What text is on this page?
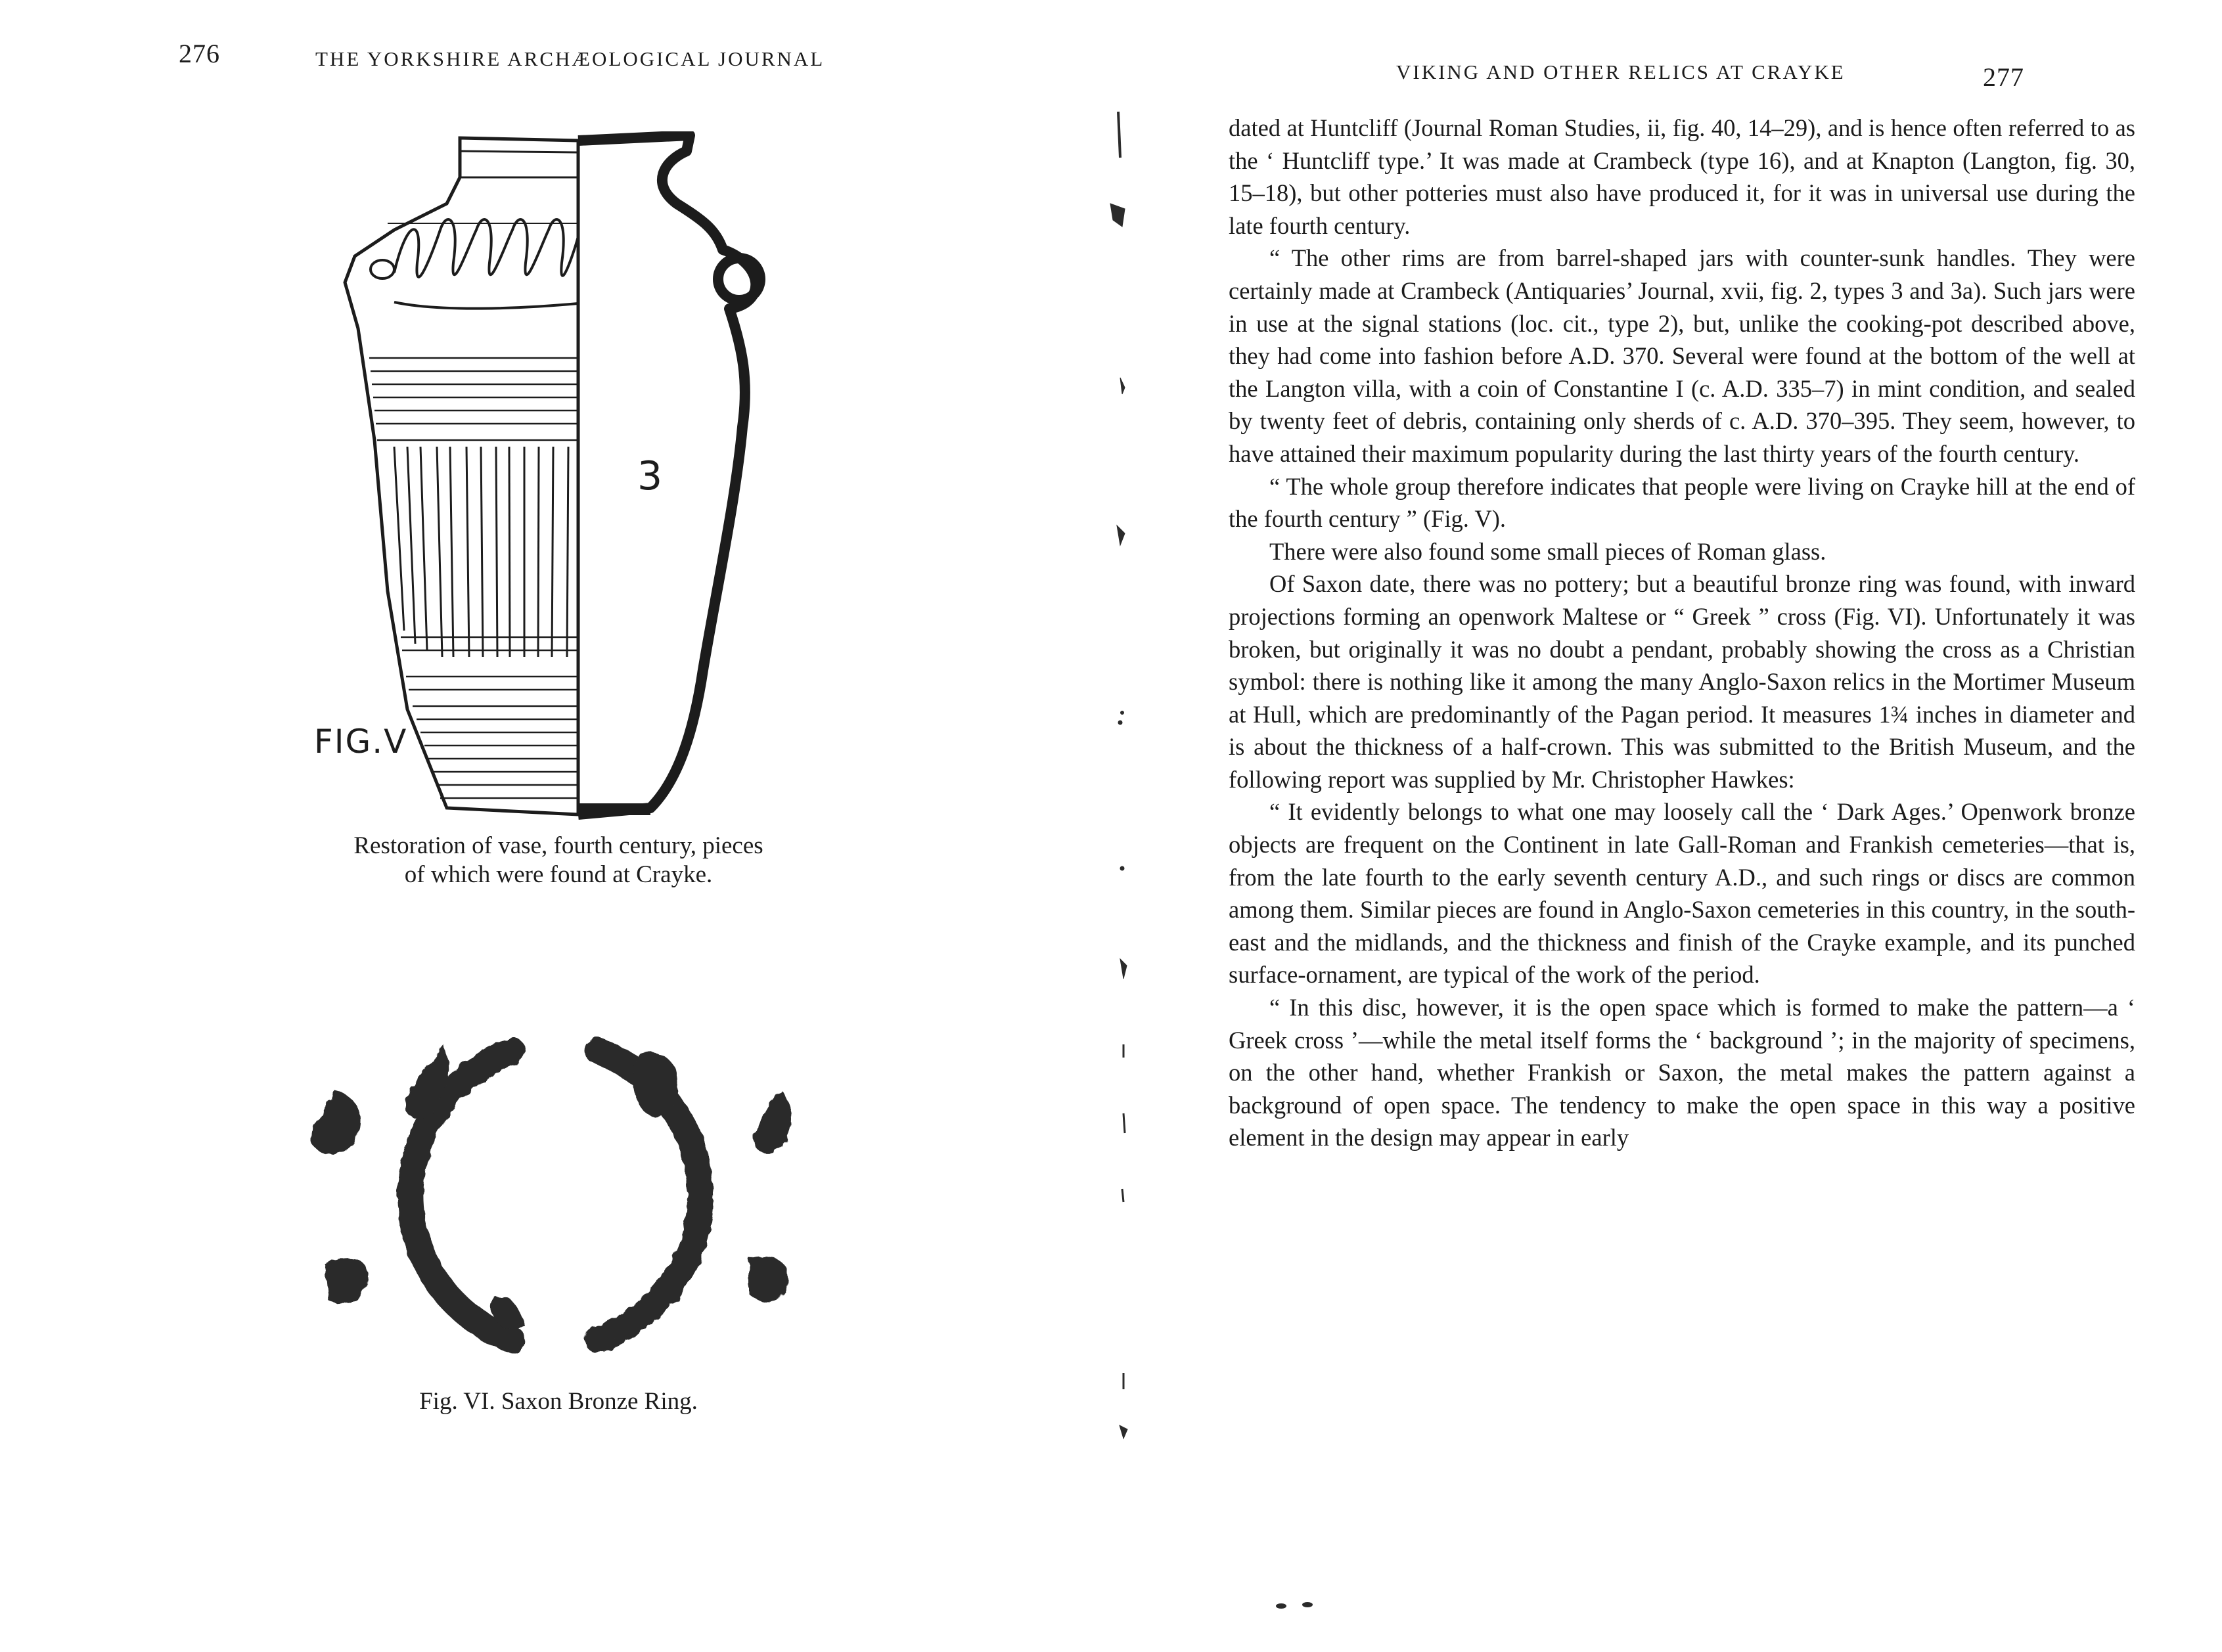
276	THE YORKSHIRE ARCHÆOLOGICAL JOURNAL
3
FIG.V
Restoration of vase, fourth century, pieces
of which were found at Crayke.
Fig. VI. Saxon Bronze Ring.
VIKING AND OTHER RELICS AT CRAYKE	277

dated at Huntcliff (Journal Roman Studies, ii, fig. 40, 14–29), and is hence often referred to as the ‘ Huntcliff type.’ It was made at Crambeck (type 16), and at Knapton (Langton, fig. 30, 15–18), but other potteries must also have produced it, for it was in universal use during the late fourth century.

“ The other rims are from barrel-shaped jars with counter-sunk handles. They were certainly made at Crambeck (Antiquaries’ Journal, xvii, fig. 2, types 3 and 3a). Such jars were in use at the signal stations (loc. cit., type 2), but, unlike the cooking-pot described above, they had come into fashion before A.D. 370. Several were found at the bottom of the well at the Langton villa, with a coin of Constantine I (c. A.D. 335–7) in mint condition, and sealed by twenty feet of debris, containing only sherds of c. A.D. 370–395. They seem, however, to have attained their maximum popularity during the last thirty years of the fourth century.

“ The whole group therefore indicates that people were living on Crayke hill at the end of the fourth century ” (Fig. V).

There were also found some small pieces of Roman glass.

Of Saxon date, there was no pottery; but a beautiful bronze ring was found, with inward projections forming an openwork Maltese or “ Greek ” cross (Fig. VI). Unfortunately it was broken, but originally it was no doubt a pendant, probably showing the cross as a Christian symbol: there is nothing like it among the many Anglo-Saxon relics in the Mortimer Museum at Hull, which are predominantly of the Pagan period. It measures 1¾ inches in diameter and is about the thickness of a half-crown. This was submitted to the British Museum, and the following report was supplied by Mr. Christopher Hawkes:

“ It evidently belongs to what one may loosely call the ‘ Dark Ages.’ Openwork bronze objects are frequent on the Continent in late Gall-Roman and Frankish cemeteries—that is, from the late fourth to the early seventh century A.D., and such rings or discs are common among them. Similar pieces are found in Anglo-Saxon cemeteries in this country, in the south-east and the midlands, and the thickness and finish of the Crayke example, and its punched surface-ornament, are typical of the work of the period.

“ In this disc, however, it is the open space which is formed to make the pattern—a ‘ Greek cross ’—while the metal itself forms the ‘ background ’; in the majority of specimens, on the other hand, whether Frankish or Saxon, the metal makes the pattern against a background of open space. The tendency to make the open space in this way a positive element in the design may appear in early
